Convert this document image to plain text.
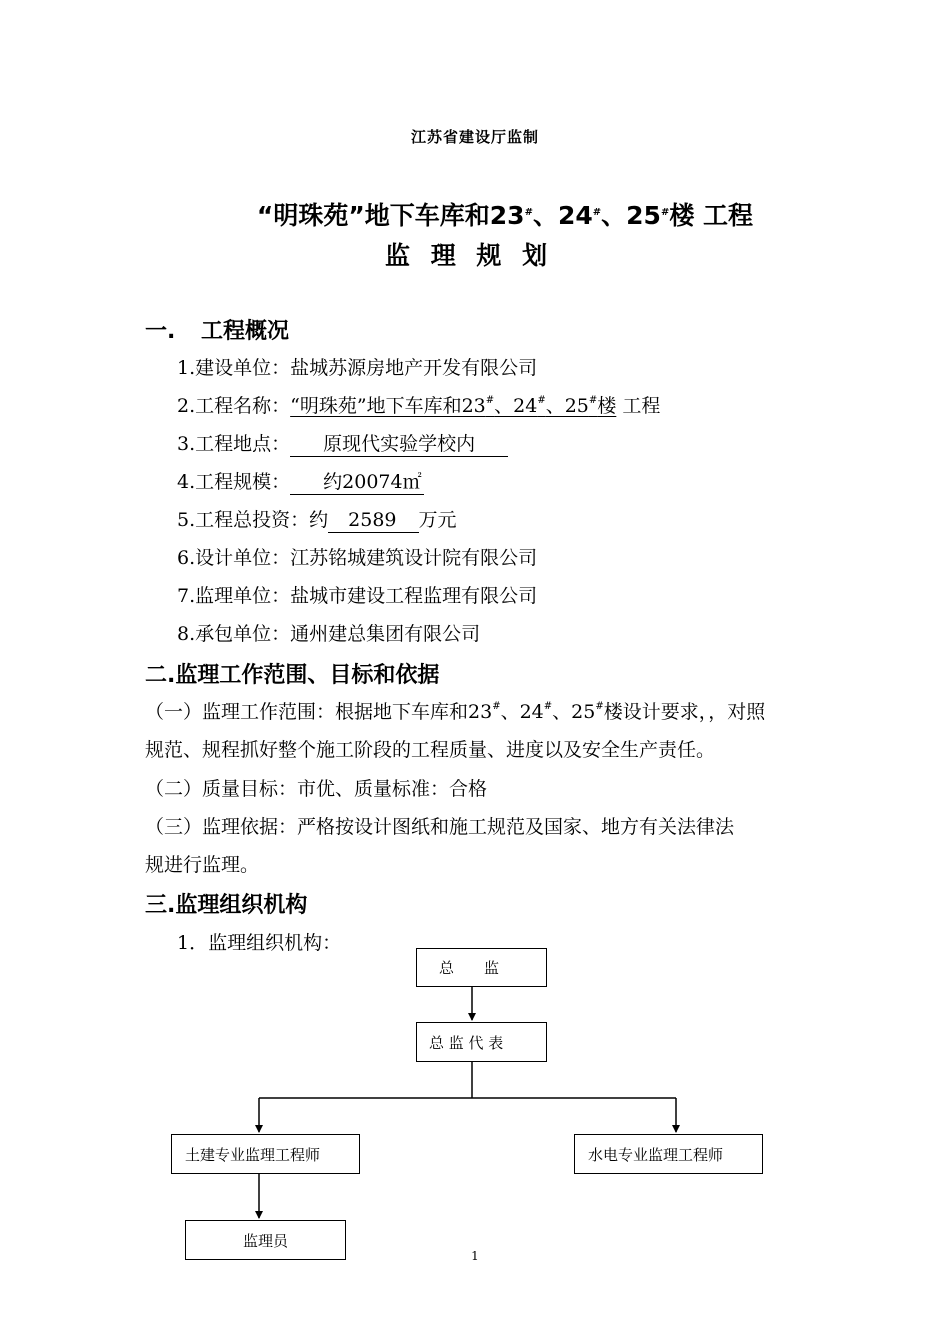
江苏省建设厅监制
“明珠苑”地下车库和23#、24#、25#楼 工程
监 理 规 划
一. 工程概况
1.建设单位：盐城苏源房地产开发有限公司
2.工程名称：“明珠苑”地下车库和23#、24#、25#楼 工程
3.工程地点： 原现代实验学校内
4.工程规模： 约20074㎡
5.工程总投资：约 2589 万元
6.设计单位：江苏铭城建筑设计院有限公司
7.监理单位：盐城市建设工程监理有限公司
8.承包单位：通州建总集团有限公司
二.监理工作范围、目标和依据
（一）监理工作范围：根据地下车库和23#、24#、25#楼设计要求，，对照
规范、规程抓好整个施工阶段的工程质量、进度以及安全生产责任。
（二）质量目标：市优、质量标准：合格
（三）监理依据：严格按设计图纸和施工规范及国家、地方有关法律法
规进行监理。
三.监理组织机构
1．监理组织机构：
总　　监
总 监 代 表
土建专业监理工程师	水电专业监理工程师
监理员
1
